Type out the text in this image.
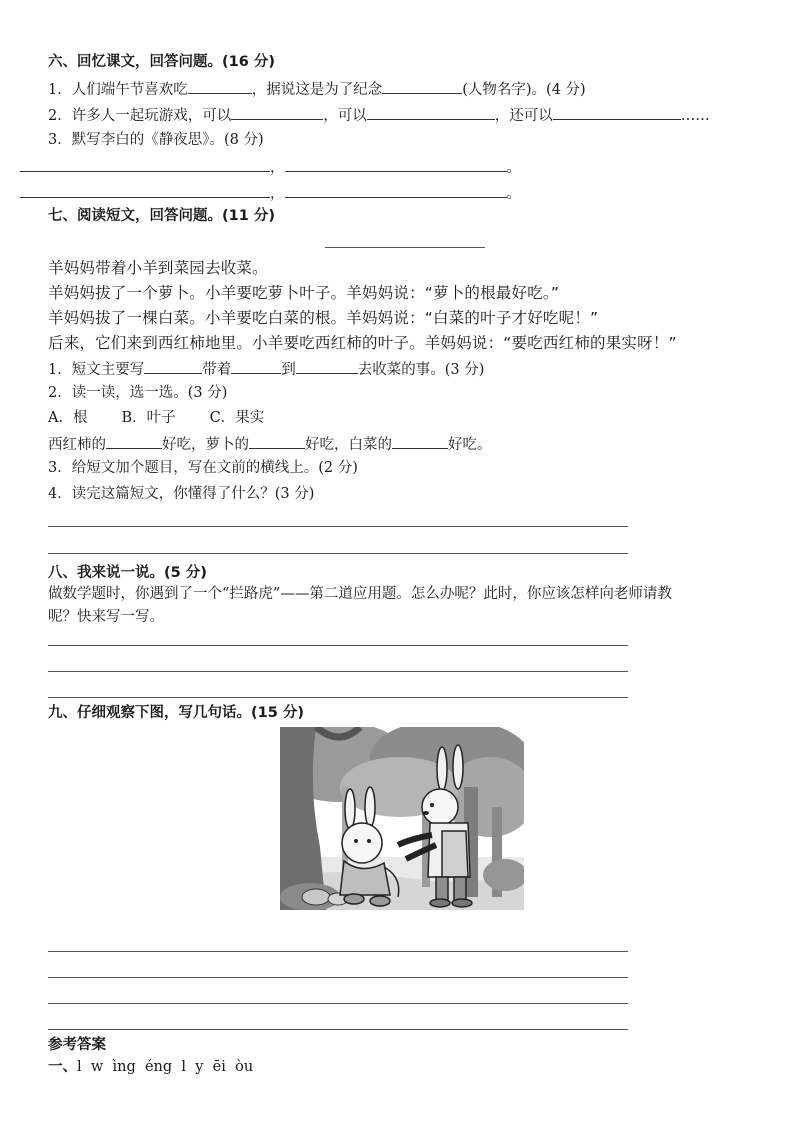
六、回忆课文，回答问题。(16 分)
1．人们端午节喜欢吃	，据说这是为了纪念	(人物名字)。(4 分)
2．许多人一起玩游戏，可以	，可以	，还可以	……
3．默写李白的《静夜思》。(8 分)
，	。
，	。
七、阅读短文，回答问题。(11 分)
羊妈妈带着小羊到菜园去收菜。
羊妈妈拔了一个萝卜。小羊要吃萝卜叶子。羊妈妈说：“萝卜的根最好吃。”
羊妈妈拔了一棵白菜。小羊要吃白菜的根。羊妈妈说：“白菜的叶子才好吃呢！”
后来，它们来到西红柿地里。小羊要吃西红柿的叶子。羊妈妈说：“要吃西红柿的果实呀！”
1．短文主要写	带着	到	去收菜的事。(3 分)
2．读一读，选一选。(3 分)
A．根 B．叶子 C．果实
西红柿的	好吃，萝卜的	好吃，白菜的	好吃。
3．给短文加个题目，写在文前的横线上。(2 分)
4．读完这篇短文，你懂得了什么？(3 分)
八、我来说一说。(5 分)
做数学题时，你遇到了一个“拦路虎”——第二道应用题。怎么办呢？此时，你应该怎样向老师请教
呢？快来写一写。
九、仔细观察下图，写几句话。(15 分)
参考答案
一、l  w  ìng  éng  l  y  ēi  òu
